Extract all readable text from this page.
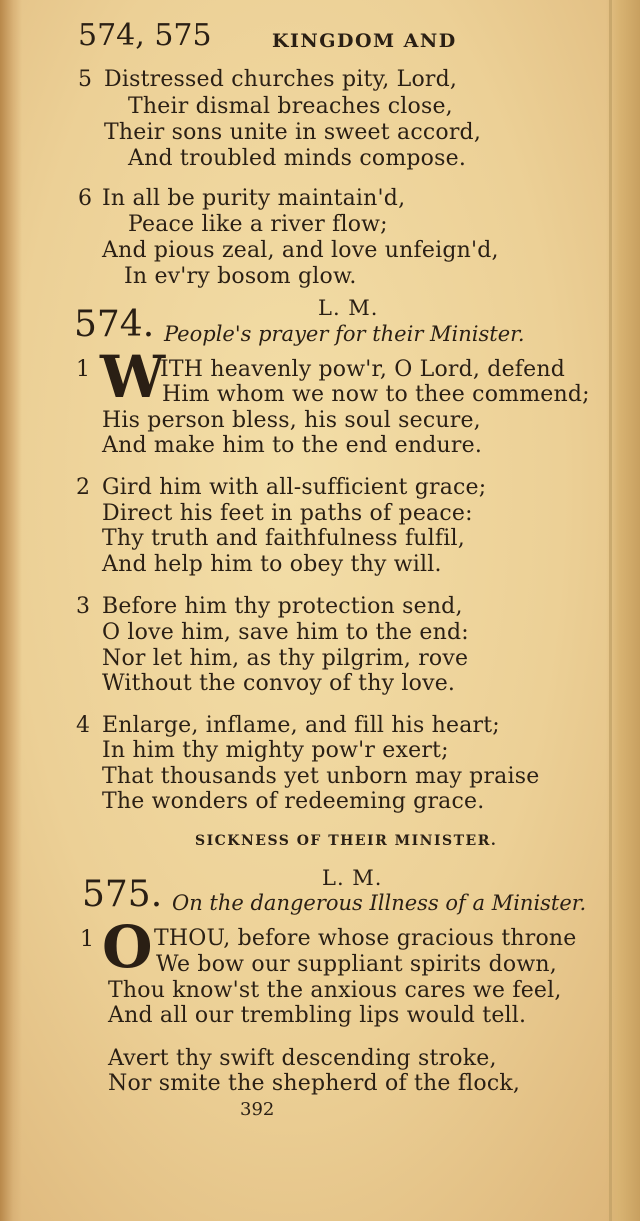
574, 575	KINGDOM AND
5 Distressed churches pity, Lord,
Their dismal breaches close,
Their sons unite in sweet accord,
And troubled minds compose.
6 In all be purity maintain'd,
Peace like a river flow;
And pious zeal, and love unfeign'd,
In ev'ry bosom glow.
L. M.
574. People's prayer for their Minister.
1 W
ITH heavenly pow'r, O Lord, defend
Him whom we now to thee commend;
His person bless, his soul secure,
And make him to the end endure.
2 Gird him with all-sufficient grace;
Direct his feet in paths of peace:
Thy truth and faithfulness fulfil,
And help him to obey thy will.
3 Before him thy protection send,
O love him, save him to the end:
Nor let him, as thy pilgrim, rove
Without the convoy of thy love.
4 Enlarge, inflame, and fill his heart;
In him thy mighty pow'r exert;
That thousands yet unborn may praise
The wonders of redeeming grace.
SICKNESS OF THEIR MINISTER.
L. M.
575. On the dangerous Illness of a Minister.
1 O THOU, before whose gracious throne
We bow our suppliant spirits down,
Thou know'st the anxious cares we feel,
And all our trembling lips would tell.
Avert thy swift descending stroke,
Nor smite the shepherd of the flock,
392
